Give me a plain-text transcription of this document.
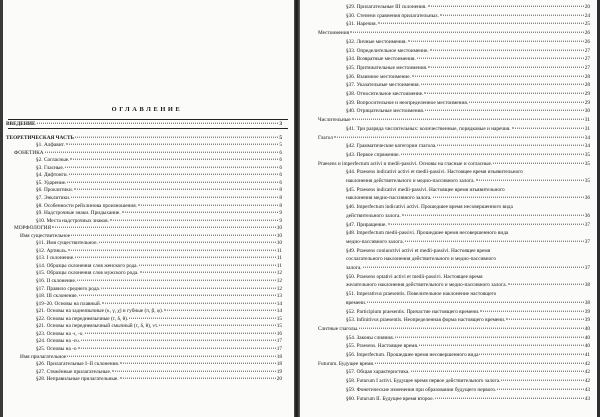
ОГЛАВЛЕНИЕ
ВВЕДЕНИЕ	3
ТЕОРЕТИЧЕСКАЯ ЧАСТЬ	5
§1. Алфавит.	5
ФОНЕТИКА	6
§2. Согласные.	6
§3. Гласные.	6
§4. Дифтонги.	6
§5. Ударение.	6
§6. Проклитики.	8
§7. Энклитики.	8
§8. Особенности рейхлинова произношения.	8
§9. Надстрочные знаки. Придыхание.	9
§10. Места надстрочных знаков.	9
МОРФОЛОГИЯ	10
Имя существительное	10
§11. Имя существительное.	10
§12. Артикль.	11
§13. I склонение.	11
§14. Образцы склонения слов женского рода.	11
§15. Образцы склонения слов мужского рода.	12
§16. II склонение.	12
§17. Правило среднего рода.	12
§18. III склонение.	13
§19–20. Основы на плавный.	14
§21. Основы на заднеязычные (κ, γ, χ) и губные (π, β, φ).	14
§22. Основы на переднеязычные (τ, δ, θ).	15
§21. Основы на переднеязычный смычный (τ, δ, θ), ντ.	15
§23. Основы на -ι, -υ.	16
§24. Основы на -ευ.	17
§25. Основы на -ο	17
Имя прилагательное	18
§26. Прилагательные I–II склонения.	18
§27. Стяжённые прилагательные.	19
§28. Неправильные прилагательные.	20
§29. Прилагательные III склонения.	20
§30. Степени сравнения прилагательных.	24
§31. Наречия.	25
Местоимения	26
§32. Личные местоимения.	26
§33. Определительное местоимение.	27
§34. Возвратные местоимения.	27
§35. Притяжательные местоимения.	27
§36. Взаимное местоимение.	28
§37. Указательные местоимения.	28
§38. Относительное местоимение.	29
§39. Вопросительное и неопределенное местоимения.	29
§40. Отрицательные местоимения.	30
Числительные	31
§41. Три разряда числительных: количественные, порядковые и наречия.	31
Глагол	34
§42. Грамматические категории глагола.	34
§43. Первое спряжение.	35
Praesens и imperfectum activi и medii-passivi. Основы на гласные и согласные.	35
§44. Praesens indicativi activi et medii-passivi. Настоящее время изъявительного
наклонения действительного и медио-пассивного залога.	35
§45. Praesens indicativi medii-passivi. Настоящее время изъявительного
наклонения медио-пассивного залога.	36
§46. Imperfectum indicativi activi. Прошедшее время несовершенного вида
действительного залога.	36
§47. Приращение.	37
§48. Imperfectum medii-passivi. Прошедшее время несовершенного вида
медио-пассивного залога.	37
§49. Praesens coniunctivi activi et medii-passivi. Настоящее время
сослагательного наклонения действительного и медио-пассивного
залога.	37
§50. Praesens optativi activi et medii-passivi. Настоящее время
желательного наклонения действительного и медио-пассивного залога.	38
§51. Imperativus praesentis. Повелительное наклонение настоящего
времени.	38
§52. Participium praesentis. Причастие настоящего времени.	39
§53. Infinitivus praesentis. Неопределенная форма настоящего времени.	39
Слитные глаголы.	40
§54. Законы слияния.	40
§55. Praesens. Настоящее время.	40
§56. Imperfectum. Прошедшее время несовершенного вида	41
Futurum. Будущее время.	42
§57. Общая характеристика.	42
§58. Futurum I activi. Будущее время первое действительного залога.	42
§59. Фонетические изменения при образовании будущего первого.	43
§60. Futurum II. Будущее время второе.	43
